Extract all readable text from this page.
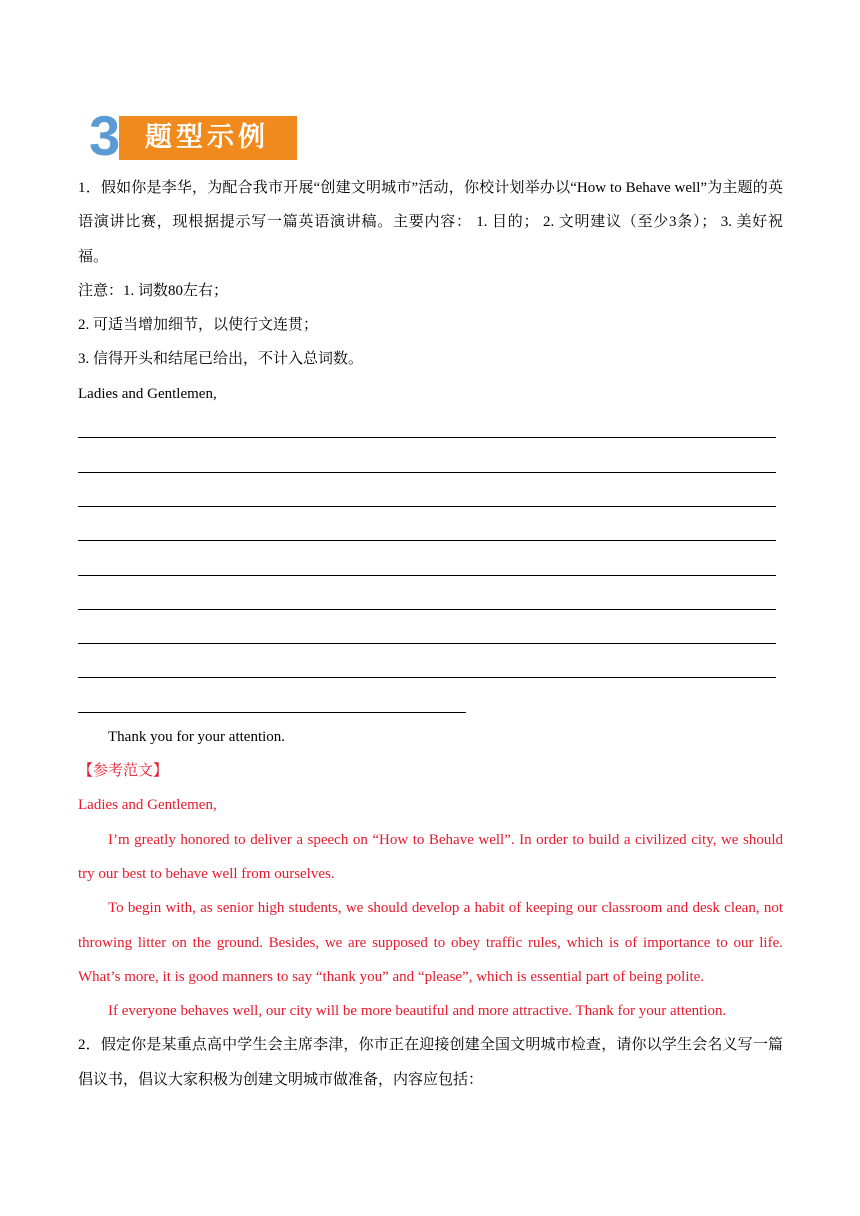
题型示例
3
1．假如你是李华，为配合我市开展“创建文明城市”活动，你校计划举办以“How to Behave well”为主题的英
语演讲比赛，现根据提示写一篇英语演讲稿。主要内容： 1. 目的； 2. 文明建议（至少3条）； 3. 美好祝
福。
注意：1. 词数80左右；
2. 可适当增加细节，以使行文连贯；
3. 信得开头和结尾已给出，不计入总词数。
Ladies and Gentlemen,
Thank you for your attention.
【参考范文】
Ladies and Gentlemen,
I’m greatly honored to deliver a speech on “How to Behave well”. In order to build a civilized city, we should
try our best to behave well from ourselves.
To begin with, as senior high students, we should develop a habit of keeping our classroom and desk clean, not
throwing litter on the ground. Besides, we are supposed to obey traffic rules, which is of importance to our life.
What’s more, it is good manners to say “thank you” and “please”, which is essential part of being polite.
If everyone behaves well, our city will be more beautiful and more attractive. Thank for your attention.
2．假定你是某重点高中学生会主席李津，你市正在迎接创建全国文明城市检查，请你以学生会名义写一篇
倡议书，倡议大家积极为创建文明城市做准备，内容应包括：
